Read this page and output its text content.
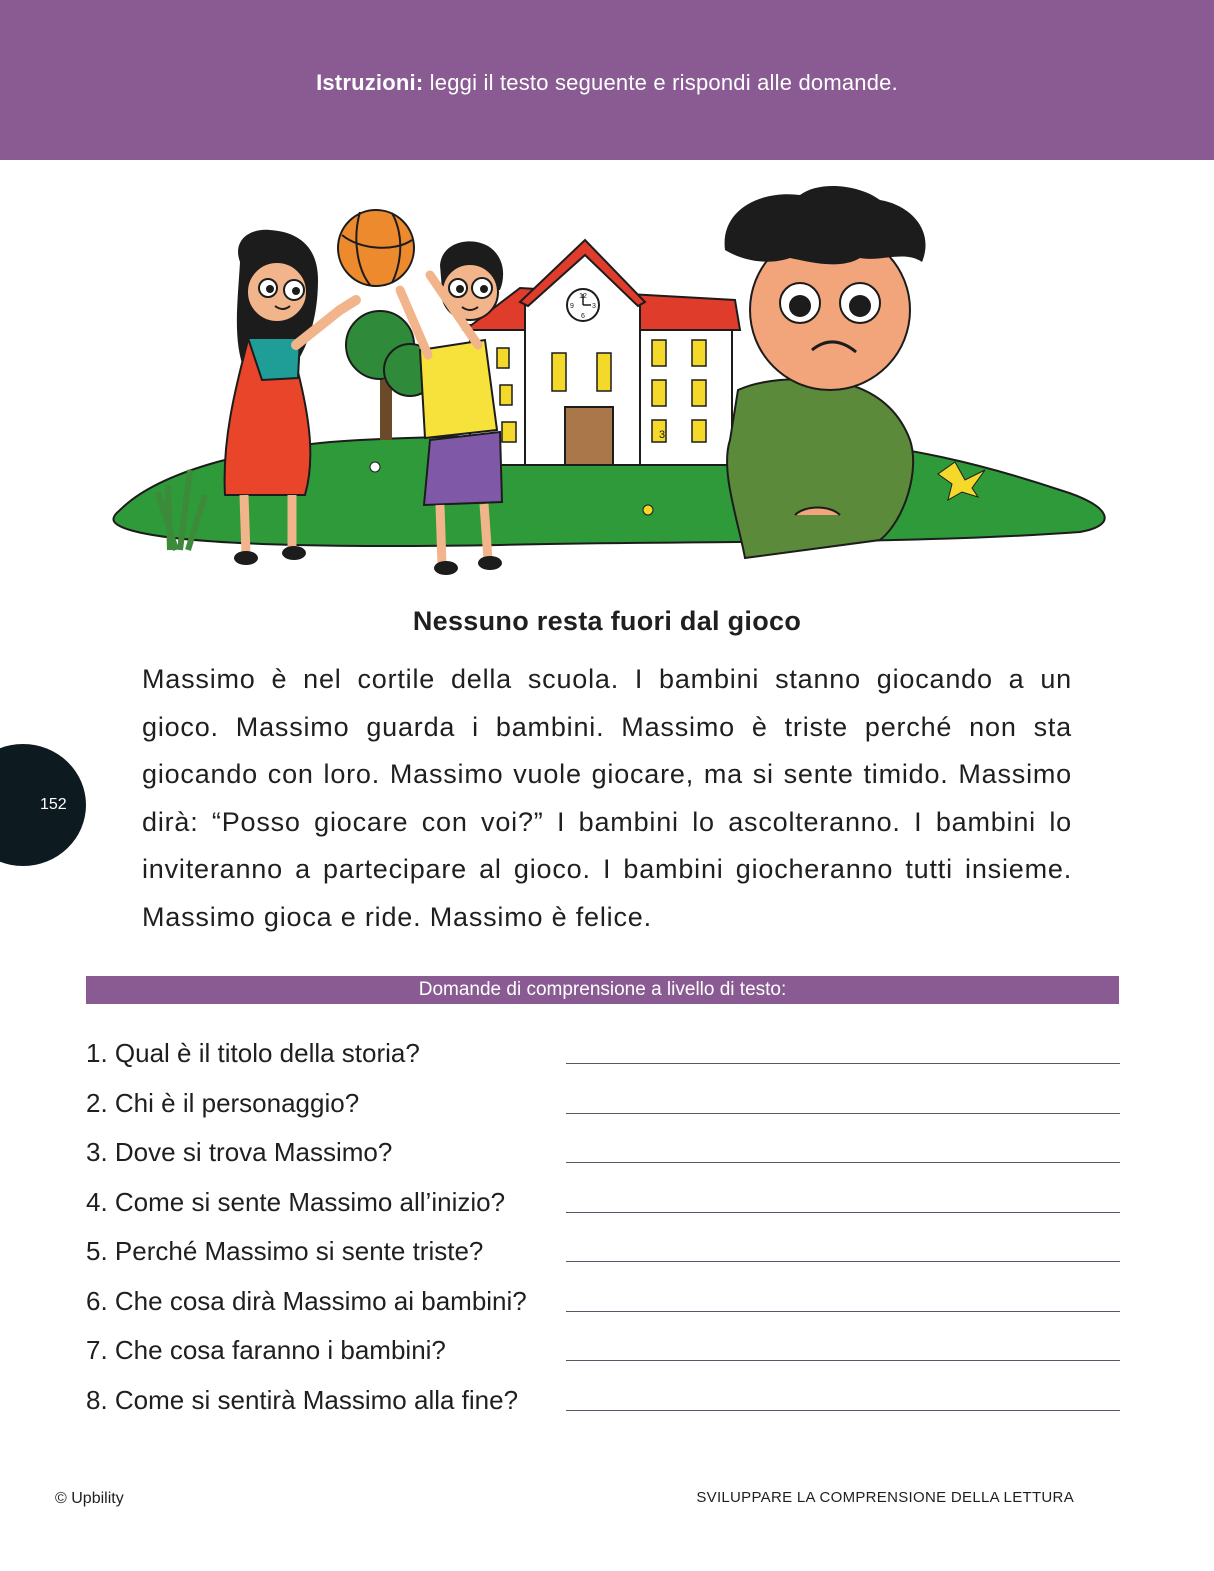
Istruzioni: leggi il testo seguente e rispondi alle domande.
12
3
6
9
3
Nessuno resta fuori dal gioco
Massimo è nel cortile della scuola. I bambini stanno giocando a un gioco. Massimo guarda i bambini. Massimo è triste perché non sta giocando con loro. Massimo vuole giocare, ma si sente timido. Massimo dirà: “Posso giocare con voi?” I bambini lo ascolteranno. I bambini lo inviteranno a partecipare al gioco. I bambini giocheranno tutti insieme. Massimo gioca e ride. Massimo è felice.
152
Domande di comprensione a livello di testo:
1. Qual è il titolo della storia?
2. Chi è il personaggio?
3. Dove si trova Massimo?
4. Come si sente Massimo all’inizio?
5. Perché Massimo si sente triste?
6. Che cosa dirà Massimo ai bambini?
7. Che cosa faranno i bambini?
8. Come si sentirà Massimo alla fine?
© Upbility	SVILUPPARE LA COMPRENSIONE DELLA LETTURA
